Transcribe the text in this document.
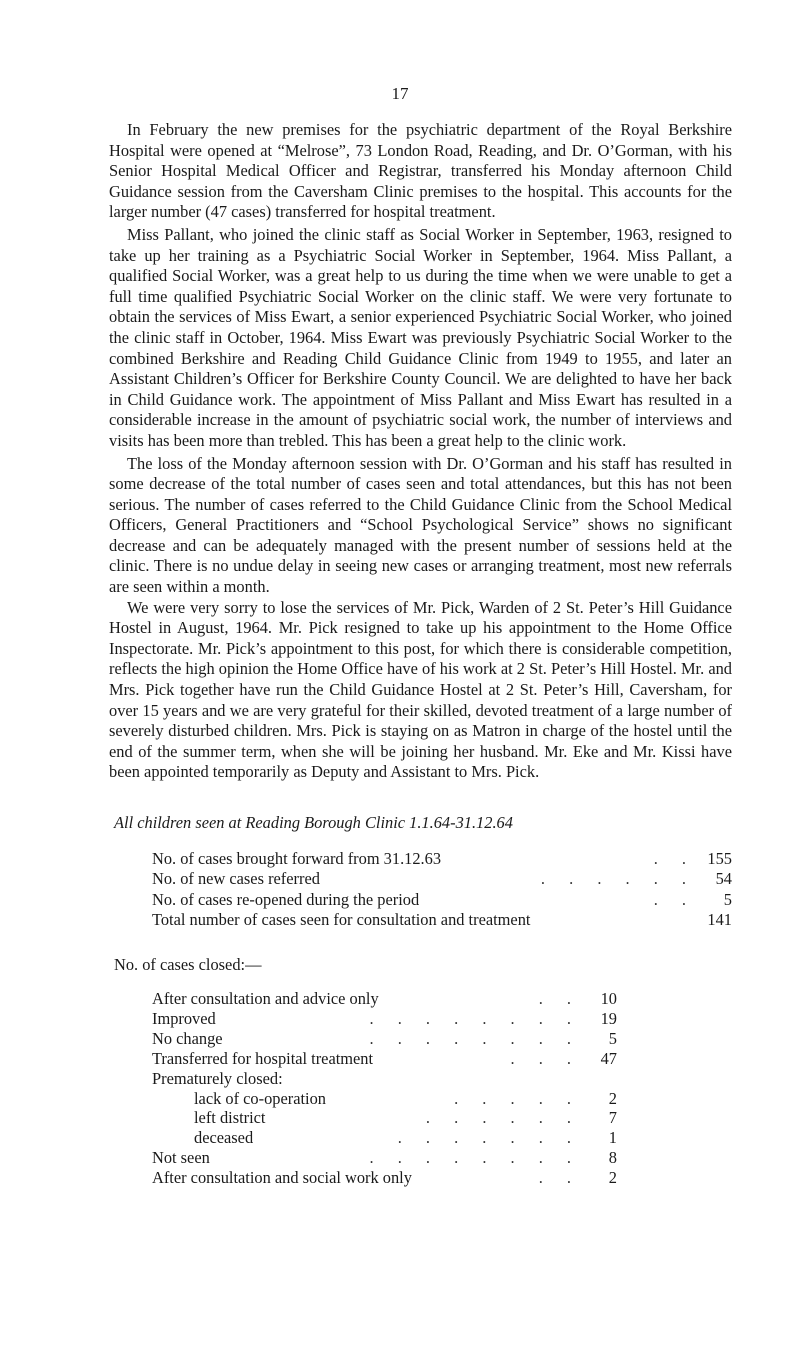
17

In February the new premises for the psychiatric department of the Royal Berkshire Hospital were opened at “Melrose”, 73 London Road, Reading, and Dr. O’Gorman, with his Senior Hospital Medical Officer and Registrar, transferred his Monday afternoon Child Guidance session from the Caversham Clinic premises to the hospital. This accounts for the larger number (47 cases) transferred for hospital treatment.

Miss Pallant, who joined the clinic staff as Social Worker in September, 1963, resigned to take up her training as a Psychiatric Social Worker in September, 1964. Miss Pallant, a qualified Social Worker, was a great help to us during the time when we were unable to get a full time qualified Psychiatric Social Worker on the clinic staff. We were very fortunate to obtain the services of Miss Ewart, a senior experienced Psychiatric Social Worker, who joined the clinic staff in October, 1964. Miss Ewart was previously Psychiatric Social Worker to the combined Berkshire and Reading Child Guidance Clinic from 1949 to 1955, and later an Assistant Children’s Officer for Berkshire County Council. We are delighted to have her back in Child Guidance work. The appointment of Miss Pallant and Miss Ewart has resulted in a considerable increase in the amount of psychiatric social work, the number of interviews and visits has been more than trebled. This has been a great help to the clinic work.

The loss of the Monday afternoon session with Dr. O’Gorman and his staff has resulted in some decrease of the total number of cases seen and total attendances, but this has not been serious. The number of cases referred to the Child Guidance Clinic from the School Medical Officers, General Practitioners and “School Psychological Service” shows no significant decrease and can be adequately managed with the present number of sessions held at the clinic. There is no undue delay in seeing new cases or arranging treatment, most new referrals are seen within a month.

We were very sorry to lose the services of Mr. Pick, Warden of 2 St. Peter’s Hill Guidance Hostel in August, 1964. Mr. Pick resigned to take up his appointment to the Home Office Inspectorate. Mr. Pick’s appointment to this post, for which there is considerable competition, reflects the high opinion the Home Office have of his work at 2 St. Peter’s Hill Hostel. Mr. and Mrs. Pick together have run the Child Guidance Hostel at 2 St. Peter’s Hill, Caversham, for over 15 years and we are very grateful for their skilled, devoted treatment of a large number of severely disturbed children. Mrs. Pick is staying on as Matron in charge of the hostel until the end of the summer term, when she will be joining her husband. Mr. Eke and Mr. Kissi have been appointed temporarily as Deputy and Assistant to Mrs. Pick.

All children seen at Reading Borough Clinic 1.1.64-31.12.64
No. of cases brought forward from 31.12.63	. . 155
No. of new cases referred	. . . . . .	54
No. of cases re-opened during the period	. .	5
Total number of cases seen for consultation and treatment	141
No. of cases closed:—
After consultation and advice only	. .	10
Improved	. . . . . . . .	19
No change	. . . . . . . .	5
Transferred for hospital treatment	. . .	47
Prematurely closed:
lack of co-operation	. . . . .	2
left district	. . . . . .	7
deceased	. . . . . . .	1
Not seen	. . . . . . . .	8
After consultation and social work only	. .	2
